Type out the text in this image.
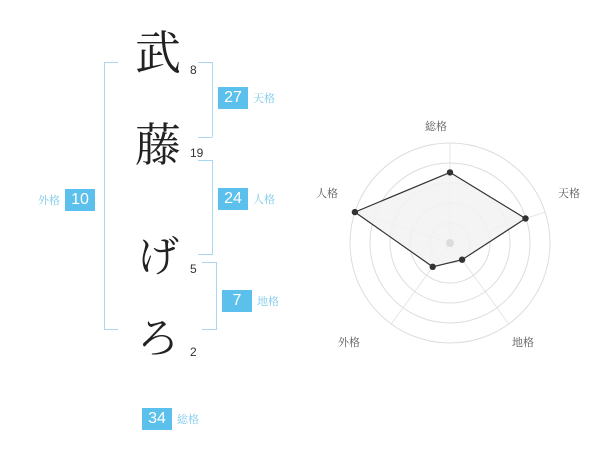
武
藤
げ
ろ
8
19
5
2
27	天格
24	人格
7	地格
外格 10
34	総格
総格
天格
地格
外格
人格
